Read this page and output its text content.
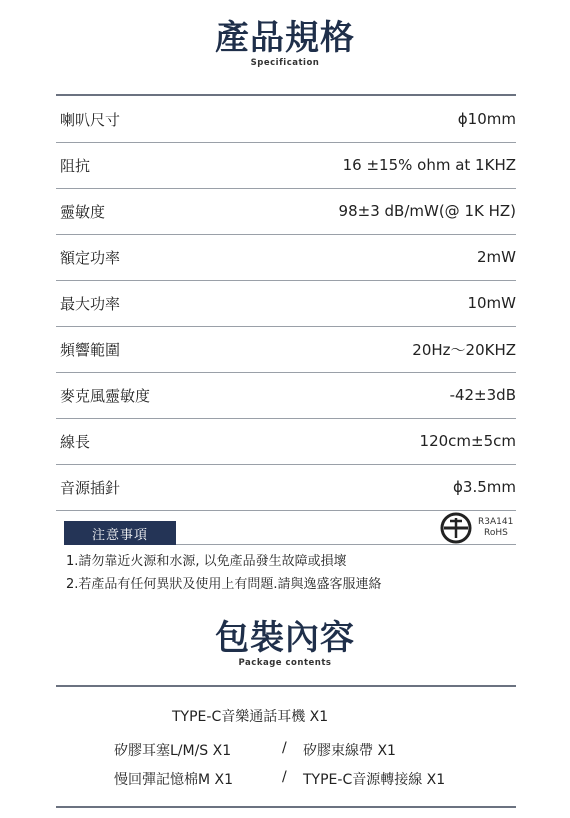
產品規格
Specification
喇叭尺寸	ϕ10mm
阻抗	16 ±15% ohm at 1KHZ
靈敏度	98±3 dB/mW(@ 1K HZ)
額定功率	2mW
最大功率	10mW
頻響範圍	20Hz～20KHZ
麥克風靈敏度	-42±3dB
線長	120cm±5cm
音源插針	ϕ3.5mm
注意事項
1.請勿靠近火源和水源, 以免產品發生故障或損壞
2.若產品有任何異狀及使用上有問題.請與逸盛客服連絡
R3A141
RoHS
包裝內容
Package contents
TYPE-C音樂通話耳機 X1
矽膠耳塞L/M/S X1	/ 矽膠束線帶 X1
慢回彈記憶棉M X1	/ TYPE-C音源轉接線 X1
